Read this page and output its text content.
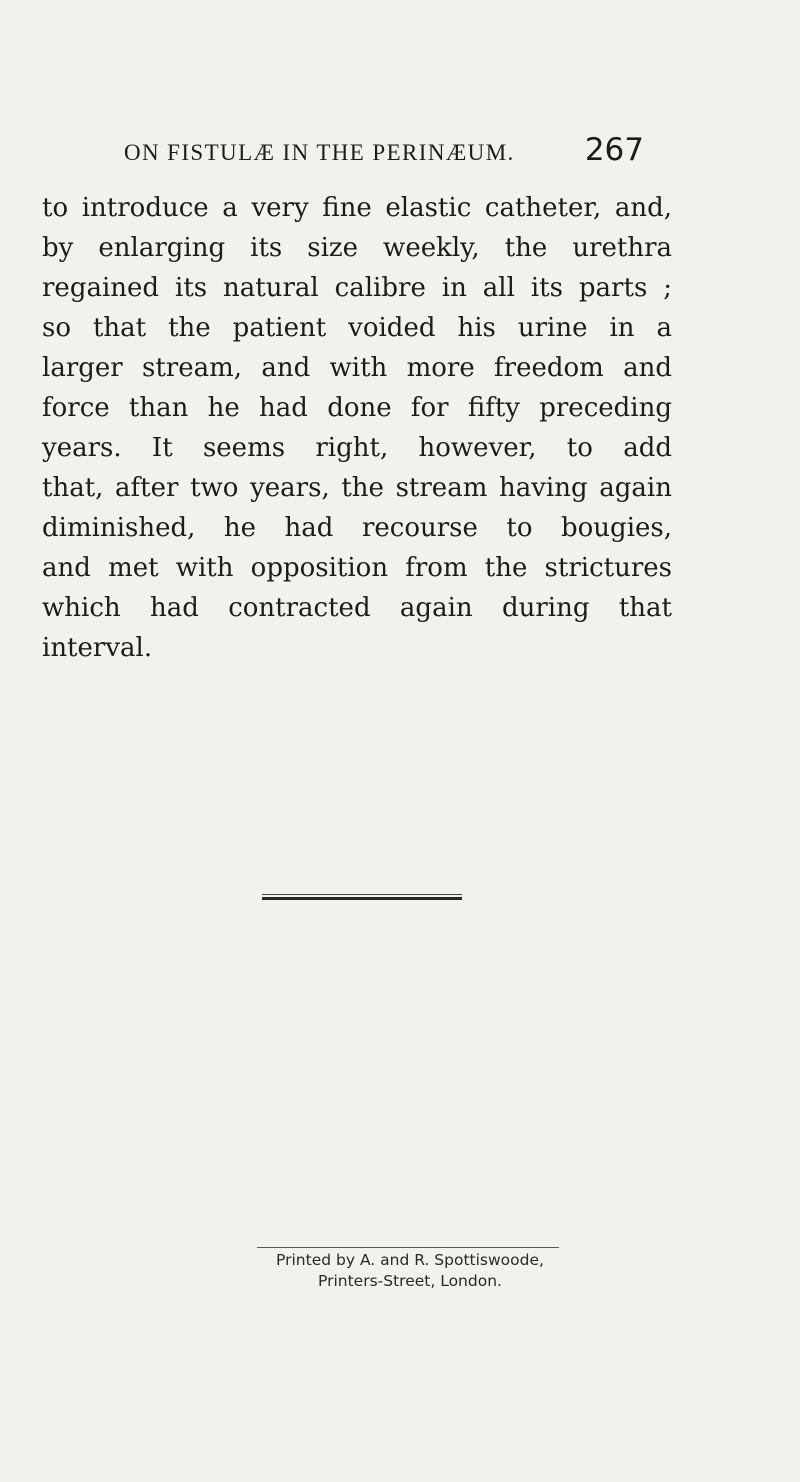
ON FISTULÆ IN THE PERINÆUM. 267

to introduce a very fine elastic catheter, and,
by enlarging its size weekly, the urethra
regained its natural calibre in all its parts ;
so that the patient voided his urine in a
larger stream, and with more freedom and
force than he had done for fifty preceding
years. It seems right, however, to add
that, after two years, the stream having again
diminished, he had recourse to bougies,
and met with opposition from the strictures
which had contracted again during that
interval.

Printed by A. and R. Spottiswoode,
Printers-Street, London.
